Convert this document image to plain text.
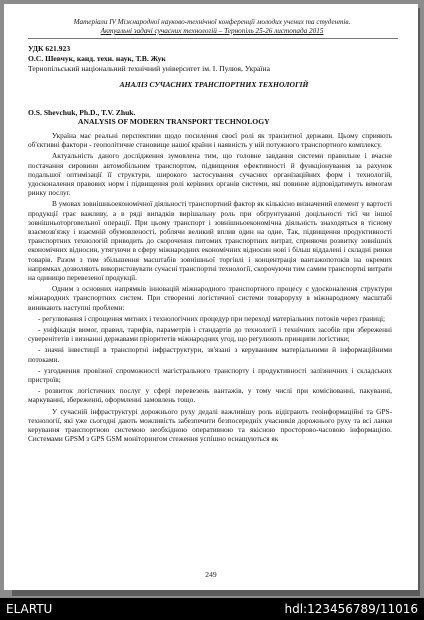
Матеріали IV Міжнародної науково-технічної конференції молодих учених та студентів.
Актуальні задачі сучасних технологій – Тернопіль 25-26 листопада 2015
УДК 621.923
О.С. Шевчук, канд. техн. наук, Т.В. Жук
Тернопільський національний технічний університет ім. І. Пулюя, Україна
АНАЛІЗ СУЧАСНИХ ТРАНСПОРТНИХ ТЕХНОЛОГІЙ
O.S. Shevchuk, Ph.D., T.V. Zhuk.
ANALYSIS OF MODERN TRANSPORT TECHNOLOGY

Україна має реальні перспективи щодо посилення своєї ролі як транзитної держави. Цьому сприяють об'єктивні фактори - геополітичне становище нашої країни і наявність у ній потужного транспортного комплексу.

Актуальність даного дослідження зумовлена тим, що головне завдання системи правильне і вчасне постачання сировини автомобільним транспортом, підвищення ефективності й функціонування за рахунок подальшої оптимізації її структури, широкого застосування сучасних організаційних форм і технологій, удосконалення правових норм і підвищення ролі керівних органів системи, які повинне відповідатимуть вимогам ринку послуг.

В умовах зовнішньоекономічної діяльності транспортний фактор як кількісно визначений елемент у вартості продукції грає важливу, а в ряді випадків вирішальну роль при обґрунтуванні доцільності тієї чи іншої зовнішньоторговельної операції. При цьому транспорт і зовнішньоекономічна діяльність знаходяться в тісному взаємозв'язку і взаємній обумовленості, роблячи великий вплив один на одне. Так, підвищення продуктивності транспортних технологій приводить до скорочення питомих транспортних витрат, сприяючи розвитку зовнішніх економічних відносин, утягуючи в сферу міжнародних економічних відносин нові і більш віддалені і складні ринки товарів. Разом з тим збільшення масштабів зовнішньої торгівлі і концентрація вантажопотоків на окремих напрямках дозволяють використовувати сучасні транспортні технології, скорочуючи тим самим транспортні витрати на одиницю перевезеної продукції.

Одним з основних напрямків інновацій міжнародного транспортного процесу є удосконалення структури міжнародних транспортних систем. При створенні логістичної системи товароруху в міжнародному масштабі виникають наступні проблеми:

- регулювання і спрощення митних і технологічних процедур при переході матеріальних потоків через границі;

- уніфікація вимог, правил, тарифів, параметрів і стандартів до технології і технічних засобів при збереженні суверенітетів і визнанні державами пріоритетів міжнародних угод, що регулюють принципи логістики;

- значні інвестиції в транспортні інфраструктури, зв'язані з керуванням матеріальними й інформаційними потоками.

- узгодження провізної спроможності магістрального транспорту і продуктивності залізничних і складських пристроїв;

- розвиток логістичних послуг у сфері перевезень вантажів, у тому числі при комісіюванні, пакуванні, маркуванні, збереженні, оформленні замовлень тощо.

У сучасній інфраструктурі дорожнього руху дедалі важливішу роль відіграють геоінформаційні та GPS-технології, які уже сьогодні дають можливість забезпечити безпосередніх учасників дорожнього руху та всі ланки керування транспортною системою необхідною оперативною та якісною просторово-часовою інформацією. Системами GPSM з GPS GSM моніторингом стеження успішно оснащуються як

249
ELARTU	hdl:123456789/11016
